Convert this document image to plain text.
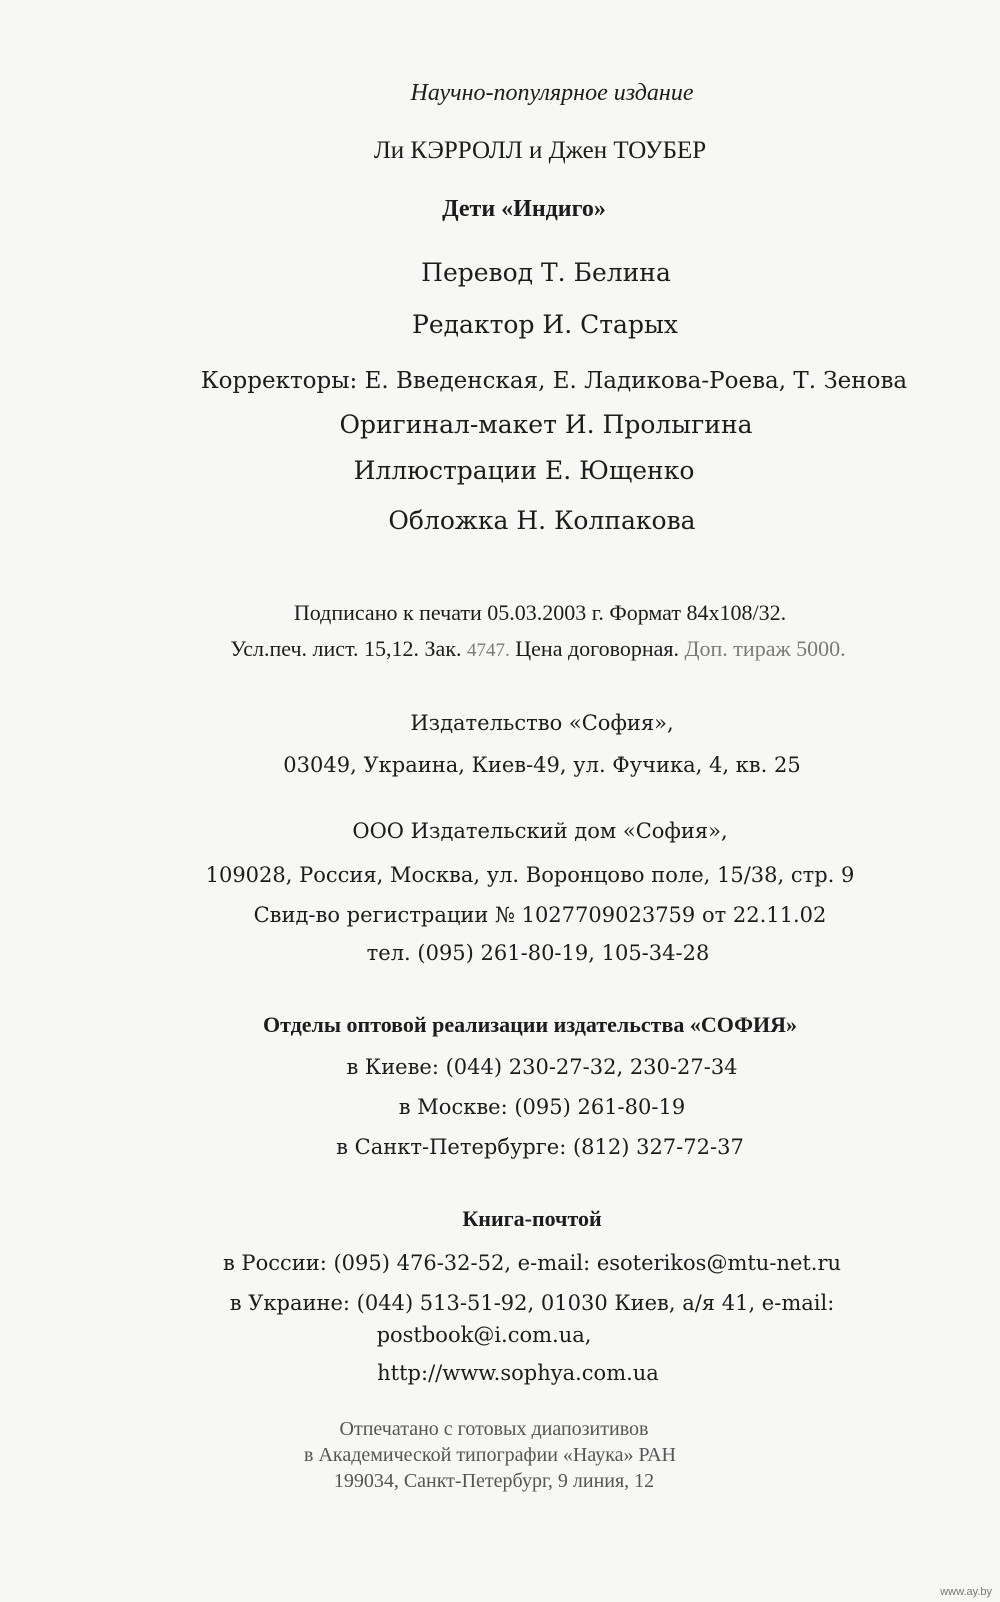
Научно-популярное издание
Ли КЭРРОЛЛ и Джен ТОУБЕР
Дети «Индиго»
Перевод Т. Белина
Редактор И. Старых
Корректоры: Е. Введенская, Е. Ладикова-Роева, Т. Зенова
Оригинал-макет И. Пролыгина
Иллюстрации Е. Ющенко
Обложка Н. Колпакова
Подписано к печати 05.03.2003 г. Формат 84х108/32.
Усл.печ. лист. 15,12. Зак. 4747. Цена договорная. Доп. тираж 5000.
Издательство «София»,
03049, Украина, Киев-49, ул. Фучика, 4, кв. 25
ООО Издательский дом «София»,
109028, Россия, Москва, ул. Воронцово поле, 15/38, стр. 9
Свид-во регистрации № 1027709023759 от 22.11.02
тел. (095) 261-80-19, 105-34-28
Отделы оптовой реализации издательства «СОФИЯ»
в Киеве: (044) 230-27-32, 230-27-34
в Москве: (095) 261-80-19
в Санкт-Петербурге: (812) 327-72-37
Книга-почтой
в России: (095) 476-32-52, e-mail: esoterikos@mtu-net.ru
в Украине: (044) 513-51-92, 01030 Киев, а/я 41, e-mail:
postbook@i.com.ua,
http://www.sophya.com.ua
Отпечатано с готовых диапозитивов
в Академической типографии «Наука» РАН
199034, Санкт-Петербург, 9 линия, 12
www.ay.by
